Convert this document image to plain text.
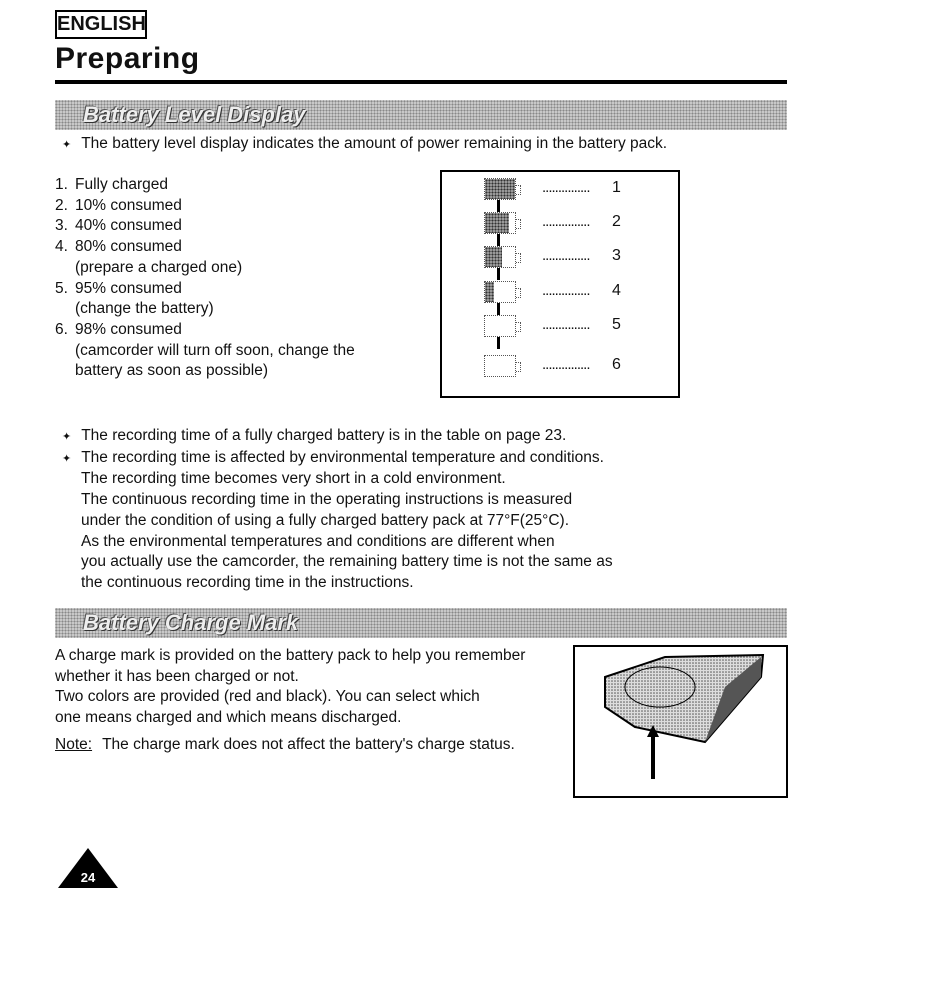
ENGLISH
Preparing
Battery Level Display
✦ The battery level display indicates the amount of power remaining in the battery pack.
1. Fully charged
2. 10% consumed
3. 40% consumed
4. 80% consumed
(prepare a charged one)
5. 95% consumed
(change the battery)
6. 98% consumed
(camcorder will turn off soon, change the battery as soon as possible)
............... 1
............... 2
............... 3
............... 4
............... 5
............... 6
✦ The recording time of a fully charged battery is in the table on page 23.
✦ The recording time is affected by environmental temperature and conditions.
The recording time becomes very short in a cold environment.
The continuous recording time in the operating instructions is measured
under the condition of using a fully charged battery pack at 77°F(25°C).
As the environmental temperatures and conditions are different when
you actually use the camcorder, the remaining battery time is not the same as
the continuous recording time in the instructions.
Battery Charge Mark
A charge mark is provided on the battery pack to help you remember
whether it has been charged or not.
Two colors are provided (red and black). You can select which
one means charged and which means discharged.
Note: The charge mark does not affect the battery's charge status.
24
